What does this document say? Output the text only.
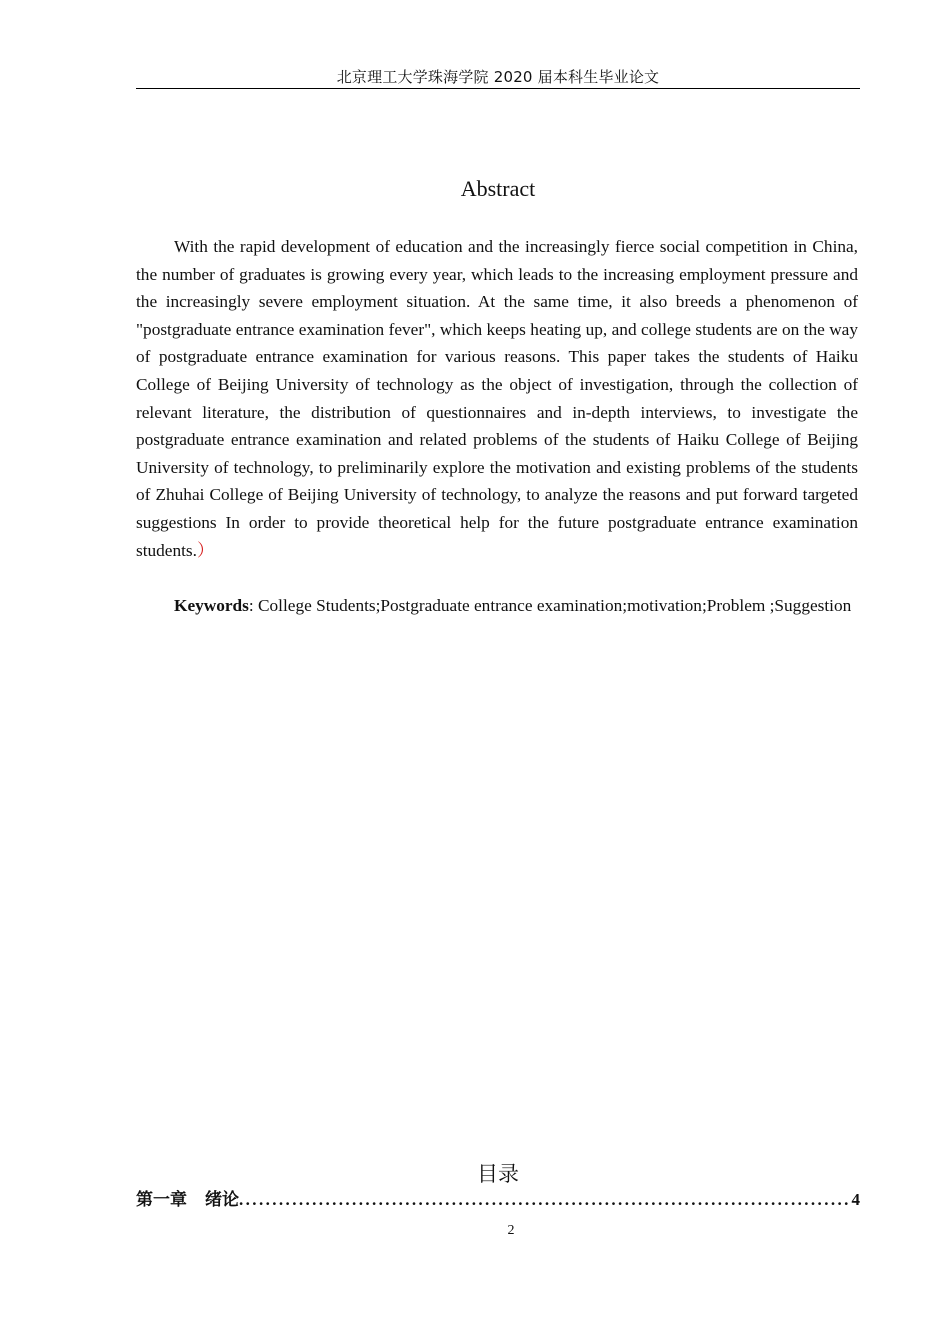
北京理工大学珠海学院 2020 届本科生毕业论文
Abstract

With the rapid development of education and the increasingly fierce social competition in China, the number of graduates is growing every year, which leads to the increasing employment pressure and the increasingly severe employment situation. At the same time, it also breeds a phenomenon of "postgraduate entrance examination fever", which keeps heating up, and college students are on the way of postgraduate entrance examination for various reasons. This paper takes the students of Haiku College of Beijing University of technology as the object of investigation, through the collection of relevant literature, the distribution of questionnaires and in-depth interviews, to investigate the postgraduate entrance examination and related problems of the students of Haiku College of Beijing University of technology, to preliminarily explore the motivation and existing problems of the students of Zhuhai College of Beijing University of technology, to analyze the reasons and put forward targeted suggestions In order to provide theoretical help for the future postgraduate entrance examination students.）

Keywords: College Students;Postgraduate entrance examination;motivation;Problem ;Suggestion

目录
第一章 绪论
.....	4
2
